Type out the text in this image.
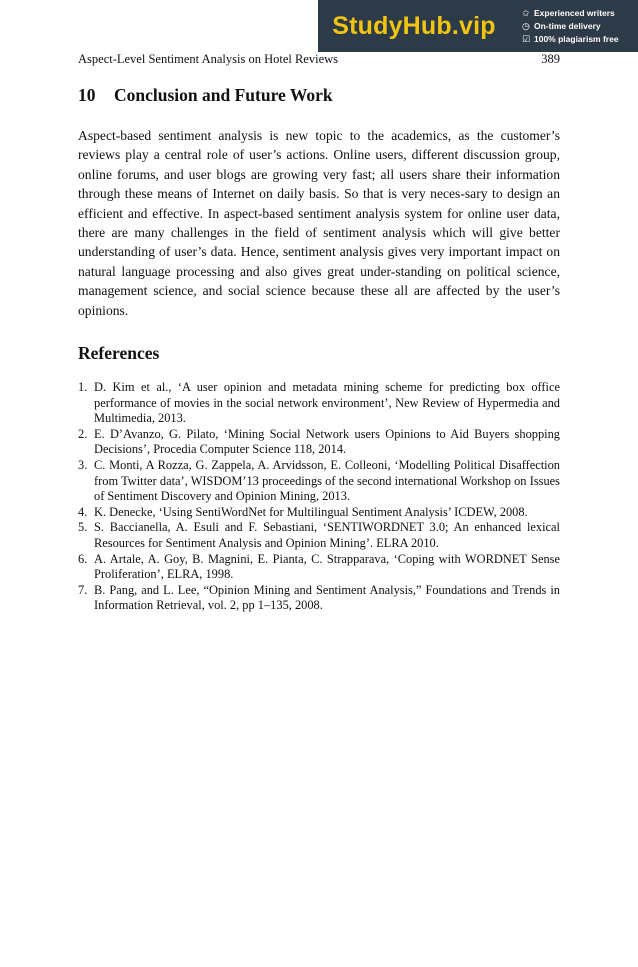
StudyHub.vip	✩ Experienced writers
◷ On-time delivery
☑ 100% plagiarism free
Aspect-Level Sentiment Analysis on Hotel Reviews	389
10 Conclusion and Future Work

Aspect-based sentiment analysis is new topic to the academics, as the customer’s reviews play a central role of user’s actions. Online users, different discussion group, online forums, and user blogs are growing very fast; all users share their information through these means of Internet on daily basis. So that is very neces-sary to design an efficient and effective. In aspect-based sentiment analysis system for online user data, there are many challenges in the field of sentiment analysis which will give better understanding of user’s data. Hence, sentiment analysis gives very important impact on natural language processing and also gives great under-standing on political science, management science, and social science because these all are affected by the user’s opinions.

References
1. D. Kim et al., ‘A user opinion and metadata mining scheme for predicting box office performance of movies in the social network environment’, New Review of Hypermedia and Multimedia, 2013.
2. E. D’Avanzo, G. Pilato, ‘Mining Social Network users Opinions to Aid Buyers shopping Decisions’, Procedia Computer Science 118, 2014.
3. C. Monti, A Rozza, G. Zappela, A. Arvidsson, E. Colleoni, ‘Modelling Political Disaffection from Twitter data’, WISDOM’13 proceedings of the second international Workshop on Issues of Sentiment Discovery and Opinion Mining, 2013.
4. K. Denecke, ‘Using SentiWordNet for Multilingual Sentiment Analysis’ ICDEW, 2008.
5. S. Baccianella, A. Esuli and F. Sebastiani, ‘SENTIWORDNET 3.0; An enhanced lexical Resources for Sentiment Analysis and Opinion Mining’. ELRA 2010.
6. A. Artale, A. Goy, B. Magnini, E. Pianta, C. Strapparava, ‘Coping with WORDNET Sense Proliferation’, ELRA, 1998.
7. B. Pang, and L. Lee, “Opinion Mining and Sentiment Analysis,” Foundations and Trends in Information Retrieval, vol. 2, pp 1–135, 2008.
